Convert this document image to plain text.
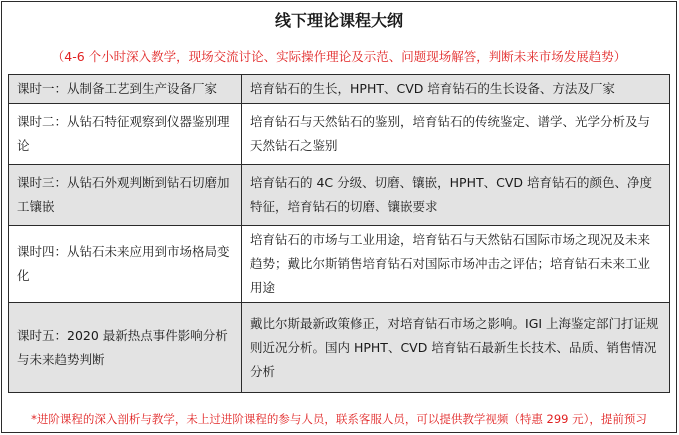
线下理论课程大纲
（4-6 个小时深入教学，现场交流讨论、实际操作理论及示范、问题现场解答，判断未来市场发展趋势）
课时一：从制备工艺到生产设备厂家	培育钻石的生长，HPHT、CVD 培育钻石的生长设备、方法及厂家
课时二：从钻石特征观察到仪器鉴别理论	培育钻石与天然钻石的鉴别，培育钻石的传统鉴定、谱学、光学分析及与天然钻石之鉴别
课时三：从钻石外观判断到钻石切磨加工镶嵌	培育钻石的 4C 分级、切磨、镶嵌，HPHT、CVD 培育钻石的颜色、净度特征，培育钻石的切磨、镶嵌要求
课时四：从钻石未来应用到市场格局变化	培育钻石的市场与工业用途，培育钻石与天然钻石国际市场之现况及未来趋势；戴比尔斯销售培育钻石对国际市场冲击之评估；培育钻石未来工业用途
课时五：2020 最新热点事件影响分析与未来趋势判断	戴比尔斯最新政策修正，对培育钻石市场之影响。IGI 上海鉴定部门打证规则近况分析。国内 HPHT、CVD 培育钻石最新生长技术、品质、销售情况分析
*进阶课程的深入剖析与教学，未上过进阶课程的参与人员，联系客服人员，可以提供教学视频（特惠 299 元），提前预习
